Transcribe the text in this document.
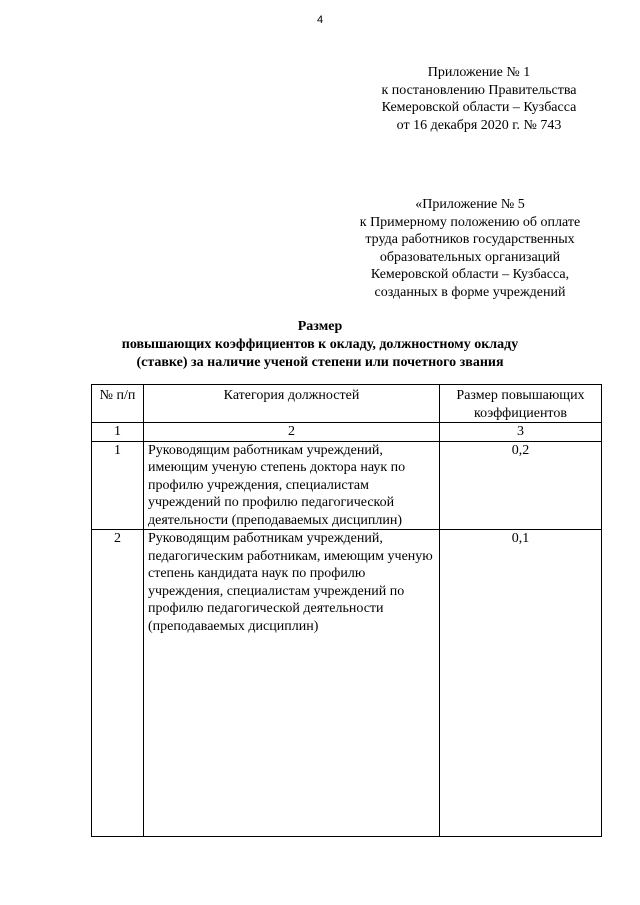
4
Приложение № 1
к постановлению Правительства
Кемеровской области – Кузбасса
от 16 декабря 2020 г. № 743
«Приложение № 5
к Примерному положению об оплате
труда работников государственных
образовательных организаций
Кемеровской области – Кузбасса,
созданных в форме учреждений
Размер
повышающих коэффициентов к окладу, должностному окладу
(ставке) за наличие ученой степени или почетного звания
№ п/п	Категория должностей	Размер повышающих коэффициентов
1	2	3
1	Руководящим работникам учреждений, имеющим ученую степень доктора наук по профилю учреждения, специалистам учреждений по профилю педагогической деятельности (преподаваемых дисциплин)	0,2
2	Руководящим работникам учреждений, педагогическим работникам, имеющим ученую степень кандидата наук по профилю учреждения, специалистам учреждений по профилю педагогической деятельности (преподаваемых дисциплин)	0,1
